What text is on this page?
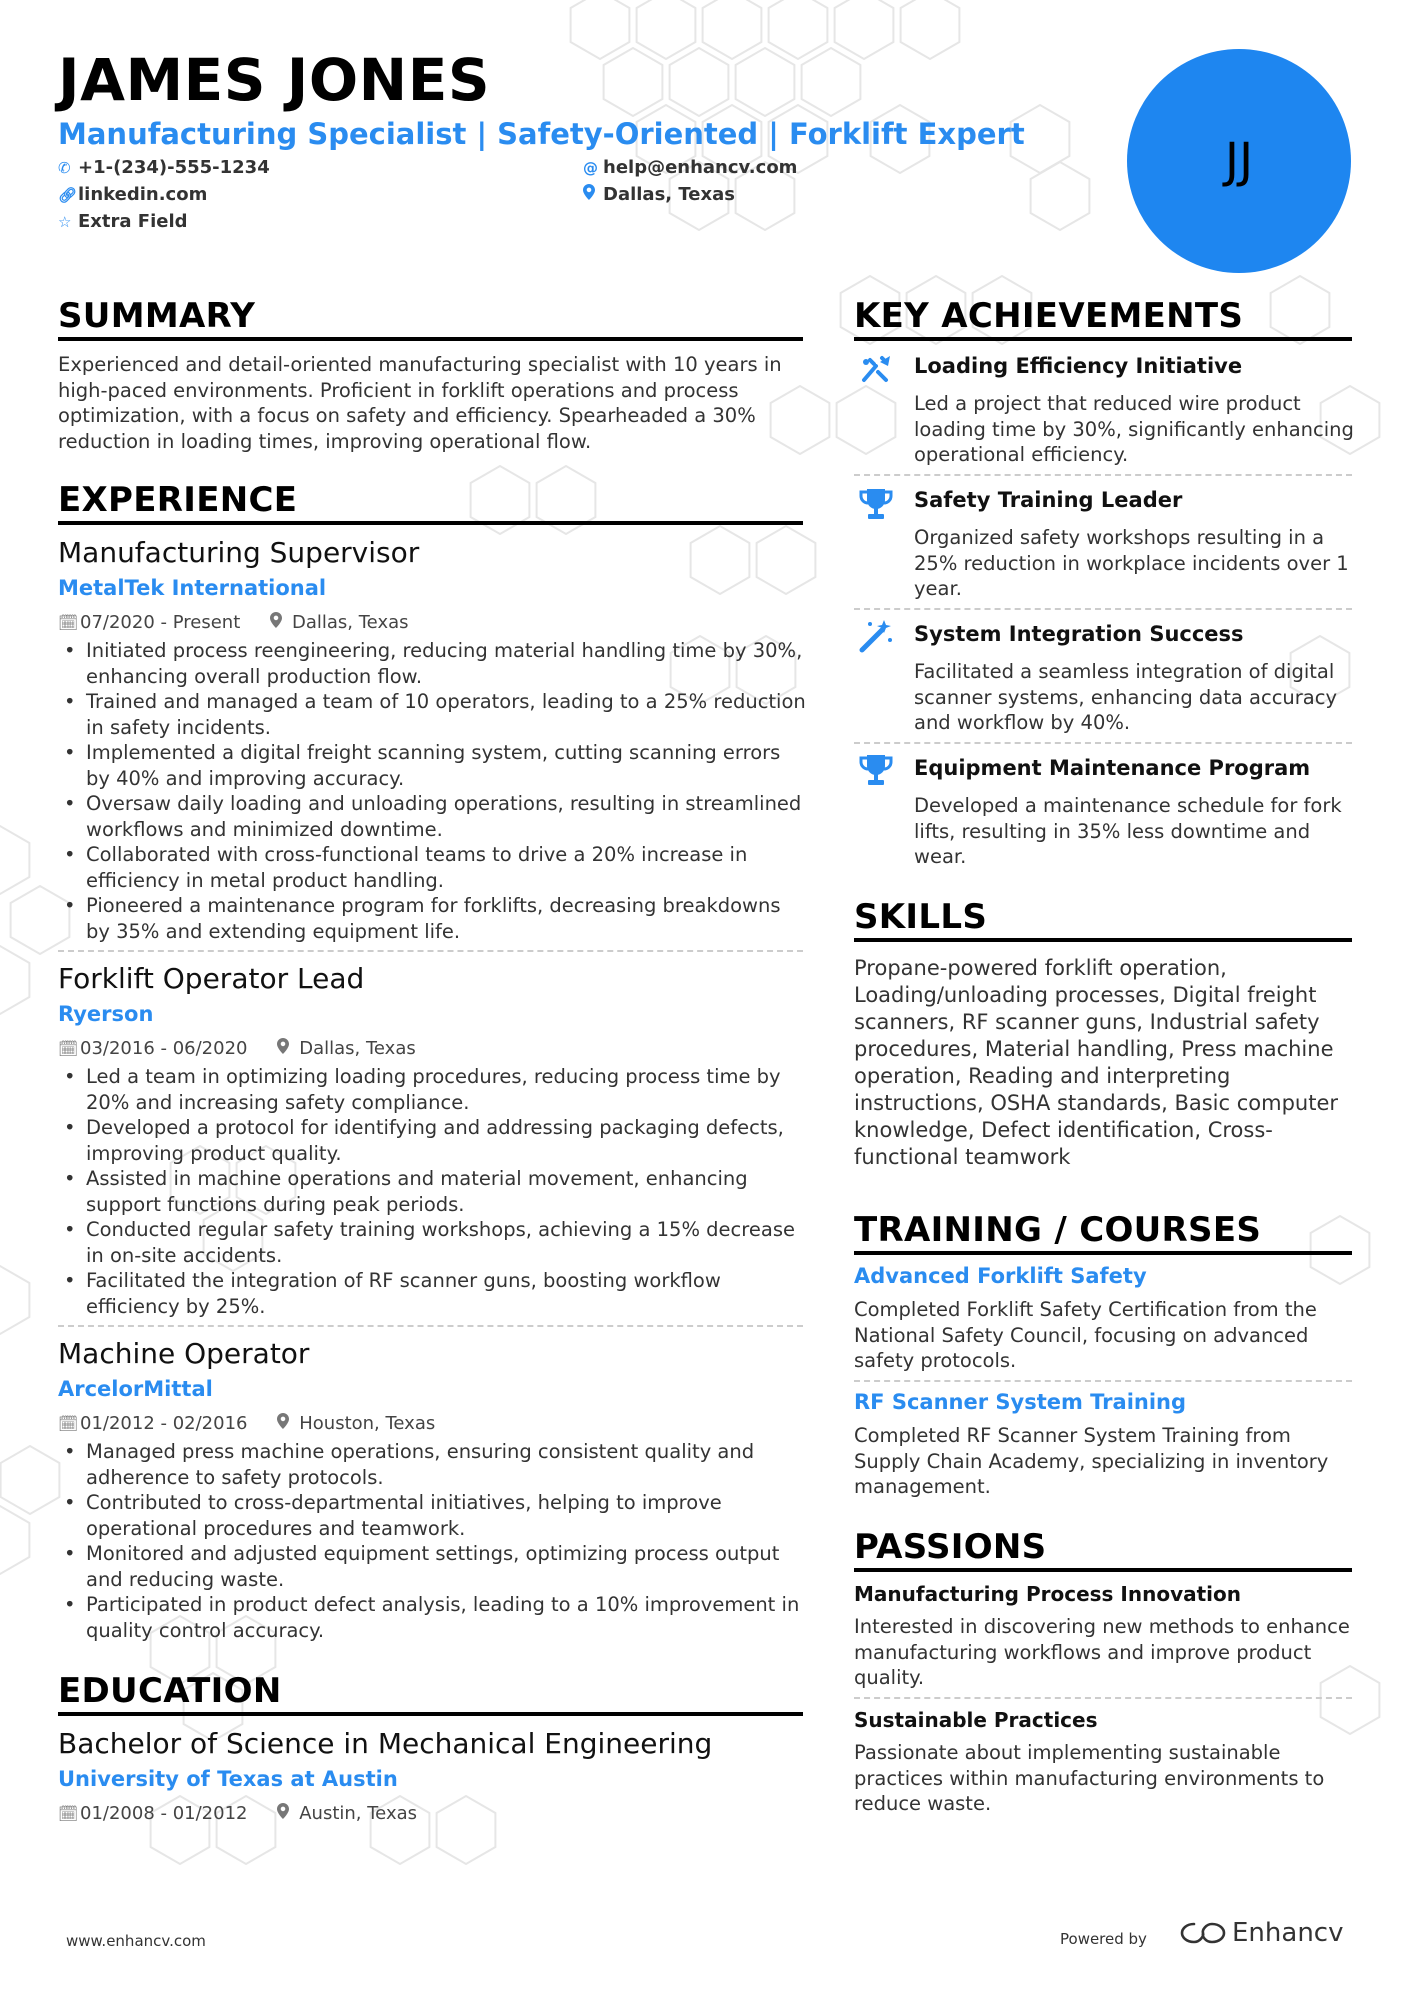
JAMES JONES
Manufacturing Specialist | Safety-Oriented | Forklift Expert
✆ +1-(234)-555-1234	@ help@enhancv.com
🔗︎linkedin.com	Dallas, Texas
☆ Extra Field
JJ
SUMMARY
Experienced and detail-oriented manufacturing specialist with 10 years in high-paced environments. Proficient in forklift operations and process optimization, with a focus on safety and efficiency. Spearheaded a 30% reduction in loading times, improving operational flow.
EXPERIENCE
Manufacturing Supervisor
MetalTek International
🗓︎07/2020 - Present	Dallas, Texas
• Initiated process reengineering, reducing material handling time by 30%, enhancing overall production flow.
• Trained and managed a team of 10 operators, leading to a 25% reduction in safety incidents.
• Implemented a digital freight scanning system, cutting scanning errors by 40% and improving accuracy.
• Oversaw daily loading and unloading operations, resulting in streamlined workflows and minimized downtime.
• Collaborated with cross-functional teams to drive a 20% increase in efficiency in metal product handling.
• Pioneered a maintenance program for forklifts, decreasing breakdowns by 35% and extending equipment life.
Forklift Operator Lead
Ryerson
🗓︎03/2016 - 06/2020	Dallas, Texas
• Led a team in optimizing loading procedures, reducing process time by 20% and increasing safety compliance.
• Developed a protocol for identifying and addressing packaging defects, improving product quality.
• Assisted in machine operations and material movement, enhancing support functions during peak periods.
• Conducted regular safety training workshops, achieving a 15% decrease in on-site accidents.
• Facilitated the integration of RF scanner guns, boosting workflow efficiency by 25%.
Machine Operator
ArcelorMittal
🗓︎01/2012 - 02/2016	Houston, Texas
• Managed press machine operations, ensuring consistent quality and adherence to safety protocols.
• Contributed to cross-departmental initiatives, helping to improve operational procedures and teamwork.
• Monitored and adjusted equipment settings, optimizing process output and reducing waste.
• Participated in product defect analysis, leading to a 10% improvement in quality control accuracy.
EDUCATION
Bachelor of Science in Mechanical Engineering
University of Texas at Austin
🗓︎01/2008 - 01/2012	Austin, Texas
KEY ACHIEVEMENTS
Loading Efficiency Initiative
Led a project that reduced wire product loading time by 30%, significantly enhancing operational efficiency.
Safety Training Leader
Organized safety workshops resulting in a 25% reduction in workplace incidents over 1 year.
System Integration Success
Facilitated a seamless integration of digital scanner systems, enhancing data accuracy and workflow by 40%.
Equipment Maintenance Program
Developed a maintenance schedule for fork lifts, resulting in 35% less downtime and wear.
SKILLS
Propane-powered forklift operation, Loading/unloading processes, Digital freight scanners, RF scanner guns, Industrial safety procedures, Material handling, Press machine operation, Reading and interpreting instructions, OSHA standards, Basic computer knowledge, Defect identification, Cross-functional teamwork
TRAINING / COURSES
Advanced Forklift Safety
Completed Forklift Safety Certification from the National Safety Council, focusing on advanced safety protocols.
RF Scanner System Training
Completed RF Scanner System Training from Supply Chain Academy, specializing in inventory management.
PASSIONS
Manufacturing Process Innovation
Interested in discovering new methods to enhance manufacturing workflows and improve product quality.
Sustainable Practices
Passionate about implementing sustainable practices within manufacturing environments to reduce waste.
www.enhancv.com	Powered by	Enhancv
